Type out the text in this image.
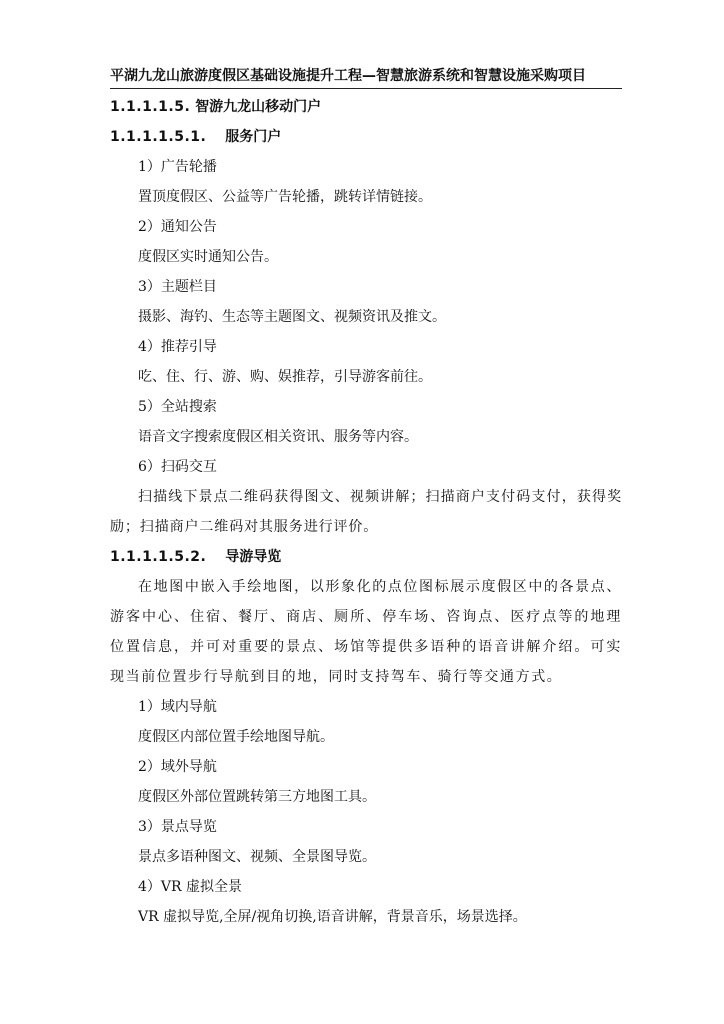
平湖九龙山旅游度假区基础设施提升工程—智慧旅游系统和智慧设施采购项目
1.1.1.1.5. 智游九龙山移动门户
1.1.1.1.5.1. 服务门户
1）广告轮播
置顶度假区、公益等广告轮播，跳转详情链接。
2）通知公告
度假区实时通知公告。
3）主题栏目
摄影、海钓、生态等主题图文、视频资讯及推文。
4）推荐引导
吃、住、行、游、购、娱推荐，引导游客前往。
5）全站搜索
语音文字搜索度假区相关资讯、服务等内容。
6）扫码交互
扫描线下景点二维码获得图文、视频讲解；扫描商户支付码支付，获得奖励；扫描商户二维码对其服务进行评价。
1.1.1.1.5.2. 导游导览
在地图中嵌入手绘地图，以形象化的点位图标展示度假区中的各景点、游客中心、住宿、餐厅、商店、厕所、停车场、咨询点、医疗点等的地理位置信息，并可对重要的景点、场馆等提供多语种的语音讲解介绍。可实现当前位置步行导航到目的地，同时支持驾车、骑行等交通方式。
1）域内导航
度假区内部位置手绘地图导航。
2）域外导航
度假区外部位置跳转第三方地图工具。
3）景点导览
景点多语种图文、视频、全景图导览。
4）VR 虚拟全景
VR 虚拟导览,全屏/视角切换,语音讲解，背景音乐，场景选择。
